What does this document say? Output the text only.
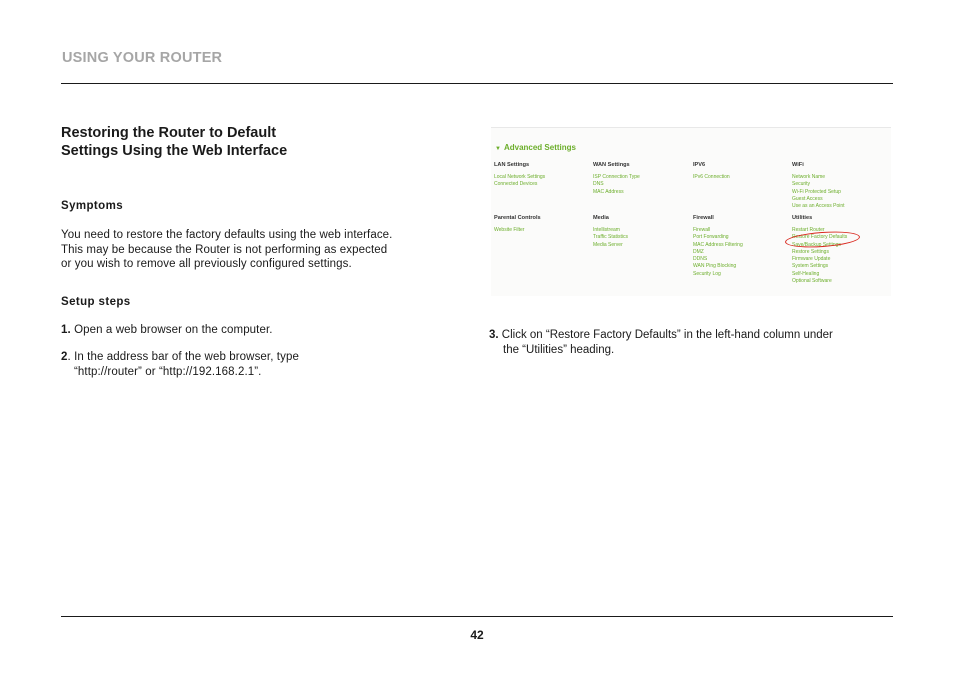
USING YOUR ROUTER
Restoring the Router to Default
Settings Using the Web Interface
Symptoms

You need to restore the factory defaults using the web interface.
This may be because the Router is not performing as expected
or you wish to remove all previously configured settings.

Setup steps

1. Open a web browser on the computer.

2. In the address bar of the web browser, type
“http://router” or “http://192.168.2.1”.

▼ Advanced Settings
LAN Settings
Local Network Settings
Connected Devices
WAN Settings
ISP Connection Type
DNS
MAC Address
IPV6
IPv6 Connection
WiFi
Network Name
Security
Wi-Fi Protected Setup
Guest Access
Use as an Access Point
Parental Controls
Website Filter
Media
Intellistream
Traffic Statistics
Media Server
Firewall
Firewall
Port Forwarding
MAC Address Filtering
DMZ
DDNS
WAN Ping Blocking
Security Log
Utilities
Restart Router
Restore Factory Defaults
Save/Backup Settings
Restore Settings
Firmware Update
System Settings
Self-Healing
Optional Software

3. Click on “Restore Factory Defaults” in the left-hand column under
the “Utilities” heading.

42
